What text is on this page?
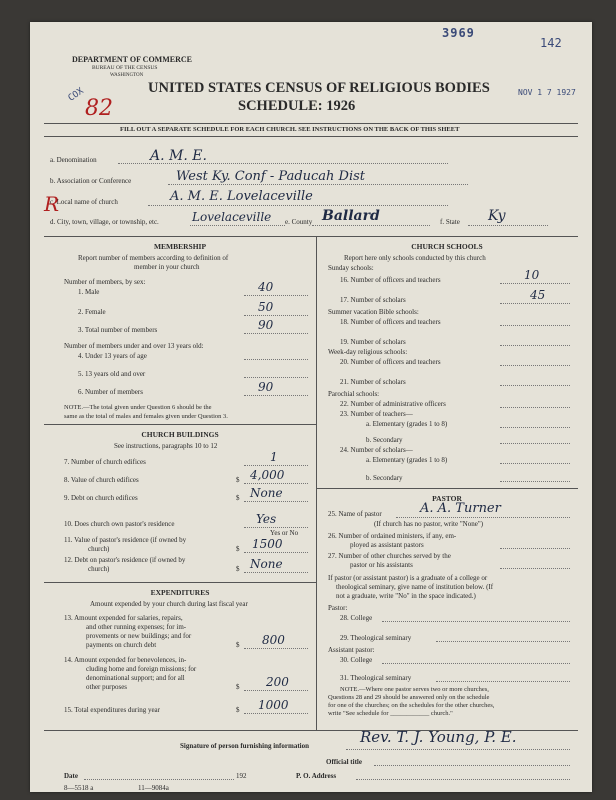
3969
142
DEPARTMENT OF COMMERCE
BUREAU OF THE CENSUS
WASHINGTON
COX
82
UNITED STATES CENSUS OF RELIGIOUS BODIES	NOV 1 7 1927
SCHEDULE: 1926
FILL OUT A SEPARATE SCHEDULE FOR EACH CHURCH. SEE INSTRUCTIONS ON THE BACK OF THIS SHEET
a. Denomination	A. M. E.
b. Association or Conference	West Ky. Conf - Paducah Dist
c. Local name of church	A. M. E. Lovelaceville
R
d. City, town, village, or township, etc.	Lovelaceville e. County Ballard	f. State Ky
MEMBERSHIP
Report number of members according to definition of
member in your church
Number of members, by sex:
1. Male	40
2. Female	50
3. Total number of members	90
Number of members under and over 13 years old:
4. Under 13 years of age
5. 13 years old and over
6. Number of members	90
NOTE.—The total given under Question 6 should be the
same as the total of males and females given under Question 3.
CHURCH BUILDINGS
See instructions, paragraphs 10 to 12
7. Number of church edifices	1
8. Value of church edifices	$ 4,000
9. Debt on church edifices	$ None
10. Does church own pastor's residence	Yes
Yes or No
11. Value of pastor's residence (if owned by
church)	$ 1500
12. Debt on pastor's residence (if owned by
church)	$ None
EXPENDITURES
Amount expended by your church during last fiscal year
13. Amount expended for salaries, repairs,
and other running expenses; for im-
provements or new buildings; and for
payments on church debt	$ 800
14. Amount expended for benevolences, in-
cluding home and foreign missions; for
denominational support; and for all
other purposes	$ 200
15. Total expenditures during year	$ 1000
CHURCH SCHOOLS
Report here only schools conducted by this church
Sunday schools:
16. Number of officers and teachers	10
17. Number of scholars	45
Summer vacation Bible schools:
18. Number of officers and teachers
19. Number of scholars
Week-day religious schools:
20. Number of officers and teachers
21. Number of scholars
Parochial schools:
22. Number of administrative officers
23. Number of teachers—
a. Elementary (grades 1 to 8)
b. Secondary
24. Number of scholars—
a. Elementary (grades 1 to 8)
b. Secondary
PASTOR
25. Name of pastor	A. A. Turner
(If church has no pastor, write "None")
26. Number of ordained ministers, if any, em-
ployed as assistant pastors
27. Number of other churches served by the
pastor or his assistants
If pastor (or assistant pastor) is a graduate of a college or
theological seminary, give name of institution below. (If
not a graduate, write "No" in the space indicated.)
Pastor:
28. College
29. Theological seminary
Assistant pastor:
30. College
31. Theological seminary
NOTE.—Where one pastor serves two or more churches,
Questions 28 and 29 should be answered only on the schedule
for one of the churches; on the schedules for the other churches,
write "See schedule for ____________ church."
Signature of person furnishing information	Rev. T. J. Young, P. E.
Official title
Date	192	P. O. Address
8—5518 a	11—9084a
